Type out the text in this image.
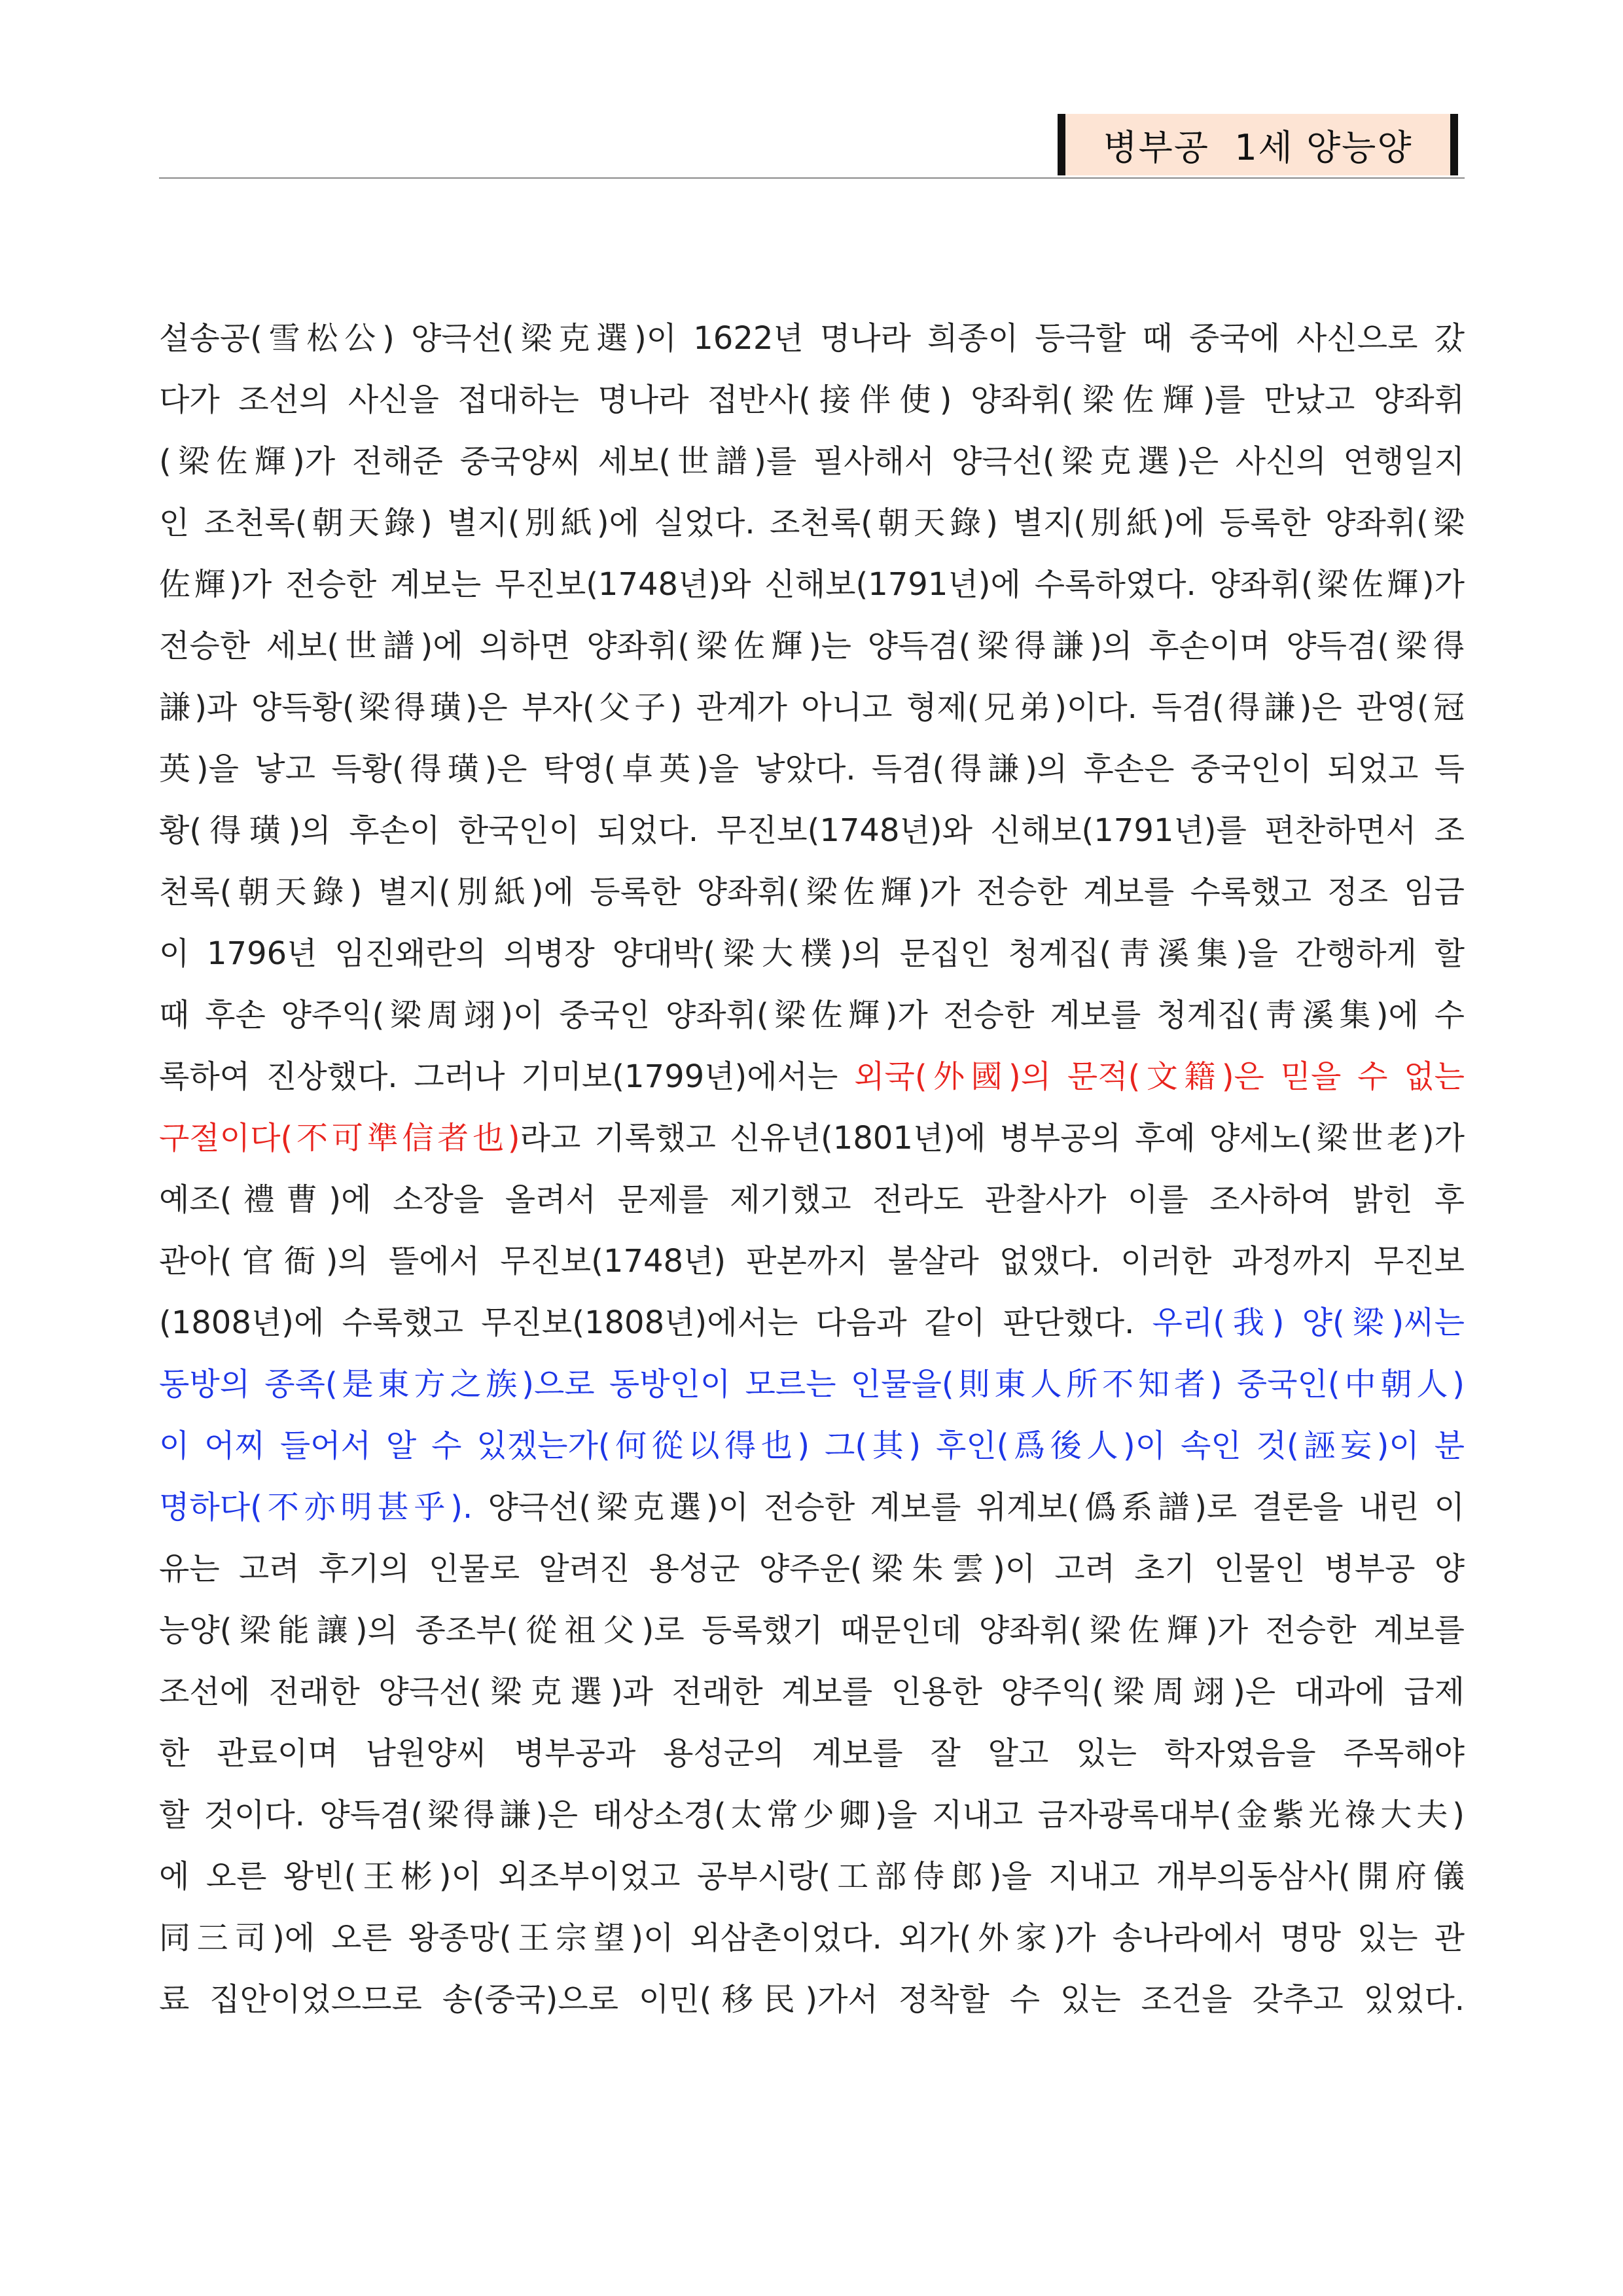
병부공  1세 양능양
설송공(雪松公) 양극선(梁克選)이 1622년 명나라 희종이 등극할 때 중국에 사신으로 갔
다가 조선의 사신을 접대하는 명나라 접반사(接伴使) 양좌휘(梁佐輝)를 만났고 양좌휘
(梁佐輝)가 전해준 중국양씨 세보(世譜)를 필사해서 양극선(梁克選)은 사신의 연행일지
인 조천록(朝天錄) 별지(別紙)에 실었다. 조천록(朝天錄) 별지(別紙)에 등록한 양좌휘(梁
佐輝)가 전승한 계보는 무진보(1748년)와 신해보(1791년)에 수록하였다. 양좌휘(梁佐輝)가
전승한 세보(世譜)에 의하면 양좌휘(梁佐輝)는 양득겸(梁得謙)의 후손이며 양득겸(梁得
謙)과 양득황(梁得璜)은 부자(父子) 관계가 아니고 형제(兄弟)이다. 득겸(得謙)은 관영(冠
英)을 낳고 득황(得璜)은 탁영(卓英)을 낳았다. 득겸(得謙)의 후손은 중국인이 되었고 득
황(得璜)의 후손이 한국인이 되었다. 무진보(1748년)와 신해보(1791년)를 편찬하면서 조
천록(朝天錄) 별지(別紙)에 등록한 양좌휘(梁佐輝)가 전승한 계보를 수록했고 정조 임금
이 1796년 임진왜란의 의병장 양대박(梁大樸)의 문집인 청계집(靑溪集)을 간행하게 할
때 후손 양주익(梁周翊)이 중국인 양좌휘(梁佐輝)가 전승한 계보를 청계집(靑溪集)에 수
록하여 진상했다. 그러나 기미보(1799년)에서는 외국(外國)의 문적(文籍)은 믿을 수 없는
구절이다(不可準信者也)라고 기록했고 신유년(1801년)에 병부공의 후예 양세노(梁世老)가
예조(禮曹)에 소장을 올려서 문제를 제기했고 전라도 관찰사가 이를 조사하여 밝힌 후
관아(官衙)의 뜰에서 무진보(1748년) 판본까지 불살라 없앴다. 이러한 과정까지 무진보
(1808년)에 수록했고 무진보(1808년)에서는 다음과 같이 판단했다. 우리(我) 양(梁)씨는
동방의 종족(是東方之族)으로 동방인이 모르는 인물을(則東人所不知者) 중국인(中朝人)
이 어찌 들어서 알 수 있겠는가(何從以得也) 그(其) 후인(爲後人)이 속인 것(誣妄)이 분
명하다(不亦明甚乎). 양극선(梁克選)이 전승한 계보를 위계보(僞系譜)로 결론을 내린 이
유는 고려 후기의 인물로 알려진 용성군 양주운(梁朱雲)이 고려 초기 인물인 병부공 양
능양(梁能讓)의 종조부(從祖父)로 등록했기 때문인데 양좌휘(梁佐輝)가 전승한 계보를
조선에 전래한 양극선(梁克選)과 전래한 계보를 인용한 양주익(梁周翊)은 대과에 급제
한 관료이며 남원양씨 병부공과 용성군의 계보를 잘 알고 있는 학자였음을 주목해야
할 것이다. 양득겸(梁得謙)은 태상소경(太常少卿)을 지내고 금자광록대부(金紫光祿大夫)
에 오른 왕빈(王彬)이 외조부이었고 공부시랑(工部侍郎)을 지내고 개부의동삼사(開府儀
同三司)에 오른 왕종망(王宗望)이 외삼촌이었다. 외가(外家)가 송나라에서 명망 있는 관
료 집안이었으므로 송(중국)으로 이민(移民)가서 정착할 수 있는 조건을 갖추고 있었다.
